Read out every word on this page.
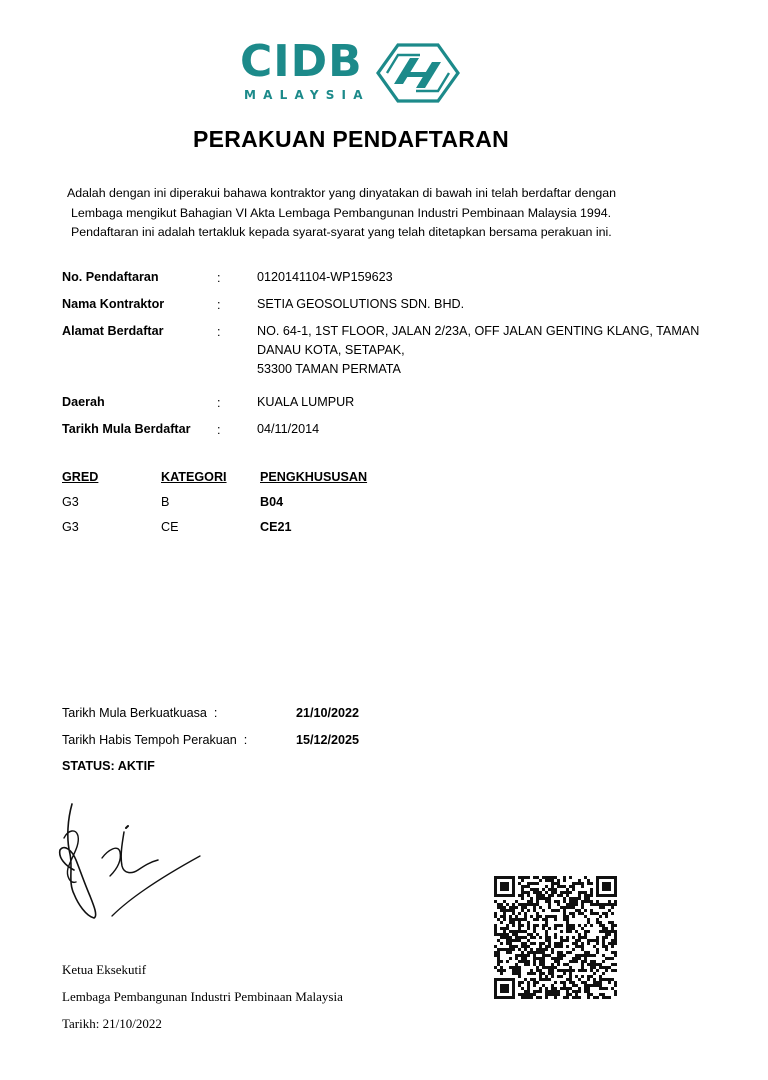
CIDB
MALAYSIA
PERAKUAN PENDAFTARAN
Adalah dengan ini diperakui bahawa kontraktor yang dinyatakan di bawah ini telah berdaftar dengan
Lembaga mengikut Bahagian VI Akta Lembaga Pembangunan Industri Pembinaan Malaysia 1994.
Pendaftaran ini adalah tertakluk kepada syarat-syarat yang telah ditetapkan bersama perakuan ini.
No. Pendaftaran	:	0120141104-WP159623
Nama Kontraktor	:	SETIA GEOSOLUTIONS SDN. BHD.
Alamat Berdaftar	:	NO. 64-1, 1ST FLOOR, JALAN 2/23A, OFF JALAN GENTING KLANG, TAMAN
DANAU KOTA, SETAPAK,
53300 TAMAN PERMATA
Daerah	:	KUALA LUMPUR
Tarikh Mula Berdaftar :	04/11/2014
GRED	KATEGORI	PENGKHUSUSAN
G3	B	B04
G3	CE	CE21
Tarikh Mula Berkuatkuasa :	21/10/2022
Tarikh Habis Tempoh Perakuan :	15/12/2025
STATUS: AKTIF
Ketua Eksekutif
Lembaga Pembangunan Industri Pembinaan Malaysia
Tarikh: 21/10/2022
